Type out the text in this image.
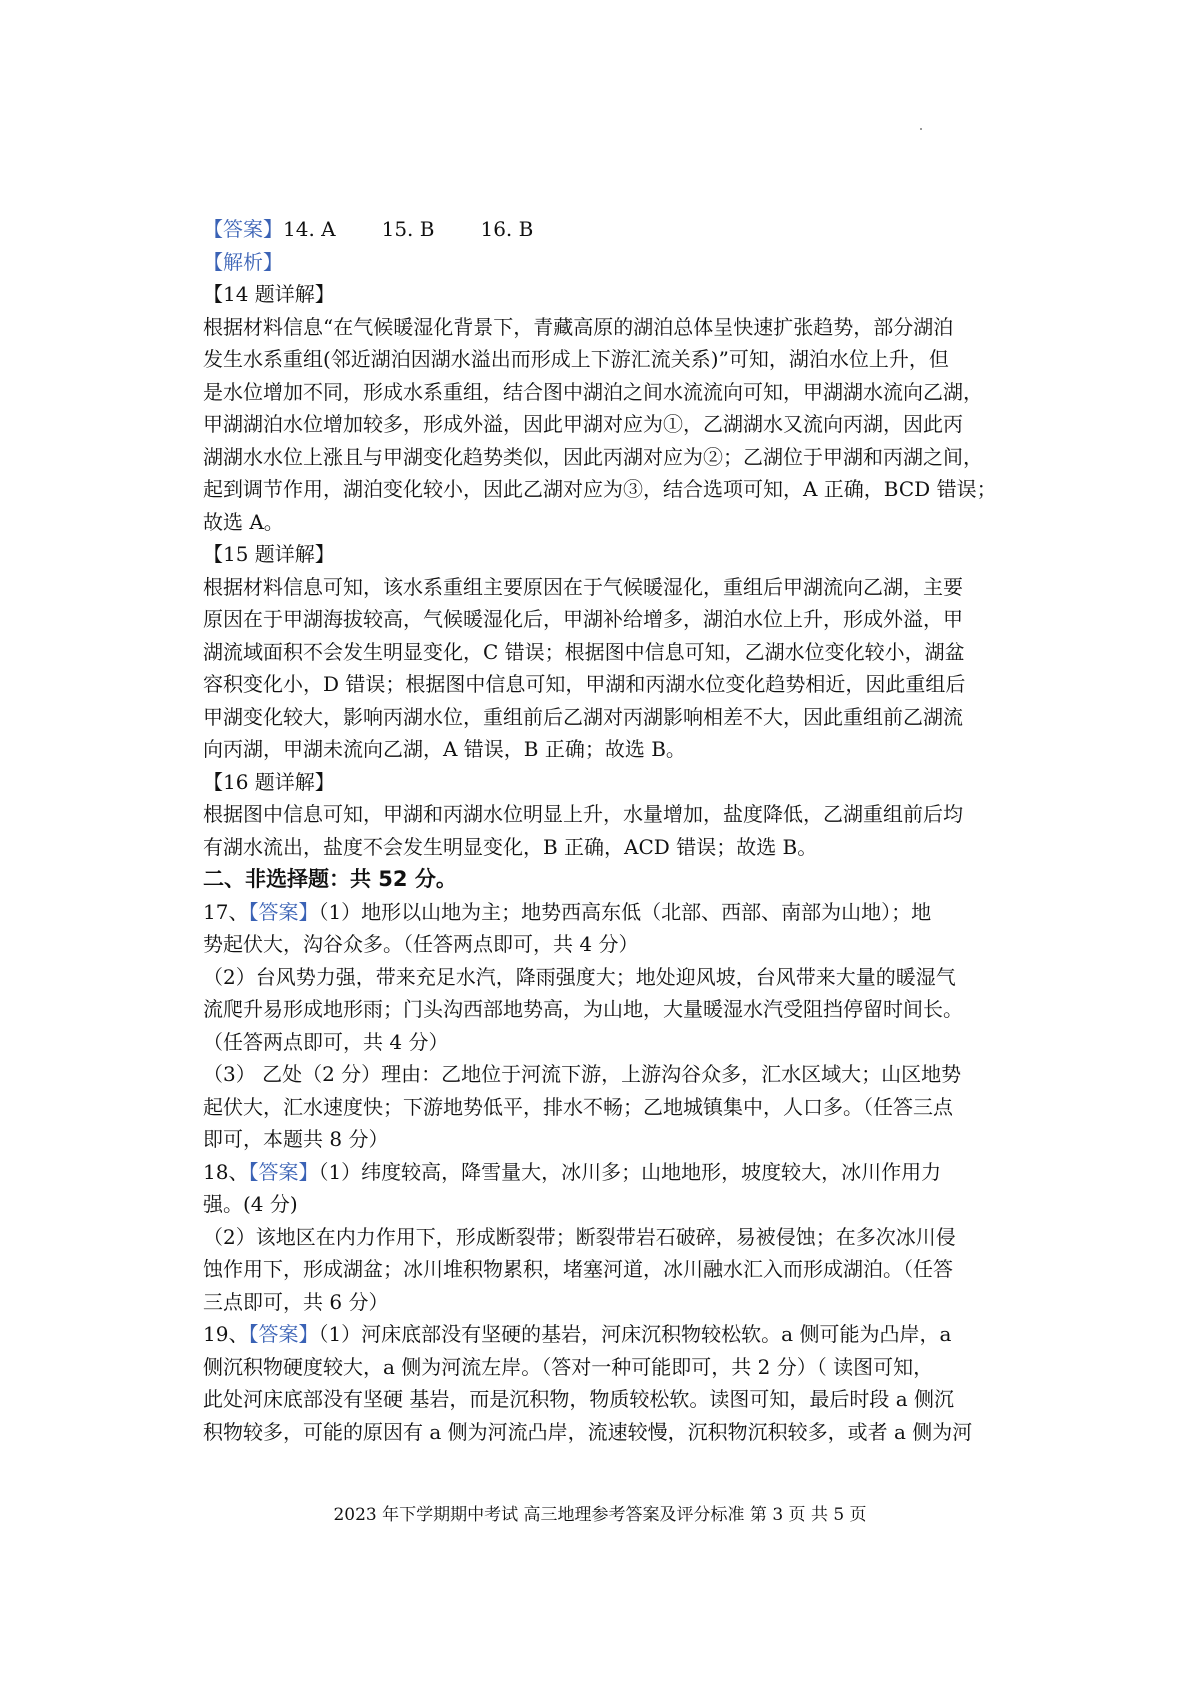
【答案】14. A 15. B 16. B
【解析】
【14 题详解】
根据材料信息“在气候暖湿化背景下，青藏高原的湖泊总体呈快速扩张趋势，部分湖泊
发生水系重组(邻近湖泊因湖水溢出而形成上下游汇流关系)”可知，湖泊水位上升，但
是水位增加不同，形成水系重组，结合图中湖泊之间水流流向可知，甲湖湖水流向乙湖，
甲湖湖泊水位增加较多，形成外溢，因此甲湖对应为①，乙湖湖水又流向丙湖，因此丙
湖湖水水位上涨且与甲湖变化趋势类似，因此丙湖对应为②；乙湖位于甲湖和丙湖之间，
起到调节作用，湖泊变化较小，因此乙湖对应为③，结合选项可知，A 正确，BCD 错误；
故选 A。
【15 题详解】
根据材料信息可知，该水系重组主要原因在于气候暖湿化，重组后甲湖流向乙湖，主要
原因在于甲湖海拔较高，气候暖湿化后，甲湖补给增多，湖泊水位上升，形成外溢，甲
湖流域面积不会发生明显变化，C 错误；根据图中信息可知，乙湖水位变化较小，湖盆
容积变化小，D 错误；根据图中信息可知，甲湖和丙湖水位变化趋势相近，因此重组后
甲湖变化较大，影响丙湖水位，重组前后乙湖对丙湖影响相差不大，因此重组前乙湖流
向丙湖，甲湖未流向乙湖，A 错误，B 正确；故选 B。
【16 题详解】
根据图中信息可知，甲湖和丙湖水位明显上升，水量增加，盐度降低，乙湖重组前后均
有湖水流出，盐度不会发生明显变化，B 正确，ACD 错误；故选 B。
二、非选择题：共 52 分。
17、【答案】（1）地形以山地为主；地势西高东低（北部、西部、南部为山地）；地
势起伏大，沟谷众多。（任答两点即可，共 4 分）
（2）台风势力强，带来充足水汽，降雨强度大；地处迎风坡，台风带来大量的暖湿气
流爬升易形成地形雨；门头沟西部地势高，为山地，大量暖湿水汽受阻挡停留时间长。
（任答两点即可，共 4 分）
（3） 乙处（2 分）理由：乙地位于河流下游，上游沟谷众多，汇水区域大；山区地势
起伏大，汇水速度快；下游地势低平，排水不畅；乙地城镇集中，人口多。（任答三点
即可，本题共 8 分）
18、【答案】（1）纬度较高，降雪量大，冰川多；山地地形，坡度较大，冰川作用力
强。(4 分)
（2）该地区在内力作用下，形成断裂带；断裂带岩石破碎，易被侵蚀；在多次冰川侵
蚀作用下，形成湖盆；冰川堆积物累积，堵塞河道，冰川融水汇入而形成湖泊。（任答
三点即可，共 6 分）
19、【答案】（1）河床底部没有坚硬的基岩，河床沉积物较松软。a 侧可能为凸岸，a
侧沉积物硬度较大，a 侧为河流左岸。（答对一种可能即可，共 2 分）（ 读图可知，
此处河床底部没有坚硬 基岩，而是沉积物，物质较松软。读图可知，最后时段 a 侧沉
积物较多，可能的原因有 a 侧为河流凸岸，流速较慢，沉积物沉积较多，或者 a 侧为河
2023 年下学期期中考试 高三地理参考答案及评分标准 第 3 页 共 5 页
